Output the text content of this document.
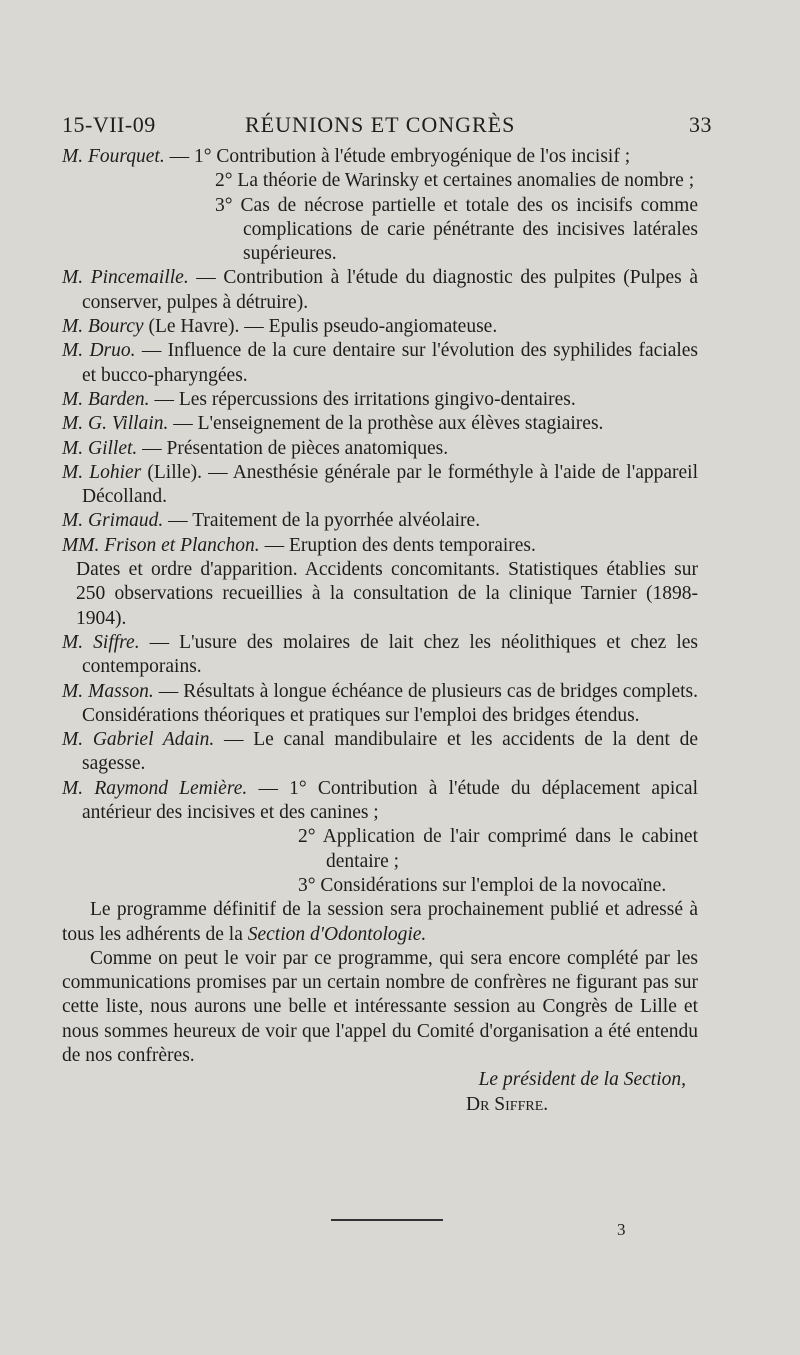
15-VII-09	RÉUNIONS ET CONGRÈS	33
M. Fourquet. — 1° Contribution à l'étude embryogénique de l'os incisif ;
2° La théorie de Warinsky et certaines anomalies de nombre ;
3° Cas de nécrose partielle et totale des os incisifs comme complications de carie pénétrante des incisives latérales supérieures.
M. Pincemaille. — Contribution à l'étude du diagnostic des pulpites (Pulpes à conserver, pulpes à détruire).
M. Bourcy (Le Havre). — Epulis pseudo-angiomateuse.
M. Druo. — Influence de la cure dentaire sur l'évolution des syphilides faciales et bucco-pharyngées.
M. Barden. — Les répercussions des irritations gingivo-dentaires.
M. G. Villain. — L'enseignement de la prothèse aux élèves stagiaires.
M. Gillet. — Présentation de pièces anatomiques.
M. Lohier (Lille). — Anesthésie générale par le forméthyle à l'aide de l'appareil Décolland.
M. Grimaud. — Traitement de la pyorrhée alvéolaire.
MM. Frison et Planchon. — Eruption des dents temporaires.
Dates et ordre d'apparition. Accidents concomitants. Statistiques établies sur 250 observations recueillies à la consultation de la clinique Tarnier (1898-1904).
M. Siffre. — L'usure des molaires de lait chez les néolithiques et chez les contemporains.
M. Masson. — Résultats à longue échéance de plusieurs cas de bridges complets. Considérations théoriques et pratiques sur l'emploi des bridges étendus.
M. Gabriel Adain. — Le canal mandibulaire et les accidents de la dent de sagesse.
M. Raymond Lemière. — 1° Contribution à l'étude du déplacement apical antérieur des incisives et des canines ;
2° Application de l'air comprimé dans le cabinet dentaire ;
3° Considérations sur l'emploi de la novocaïne.
Le programme définitif de la session sera prochainement publié et adressé à tous les adhérents de la Section d'Odontologie.
Comme on peut le voir par ce programme, qui sera encore complété par les communications promises par un certain nombre de confrères ne figurant pas sur cette liste, nous aurons une belle et intéressante session au Congrès de Lille et nous sommes heureux de voir que l'appel du Comité d'organisation a été entendu de nos confrères.
Le président de la Section,
Dr Siffre.
3
